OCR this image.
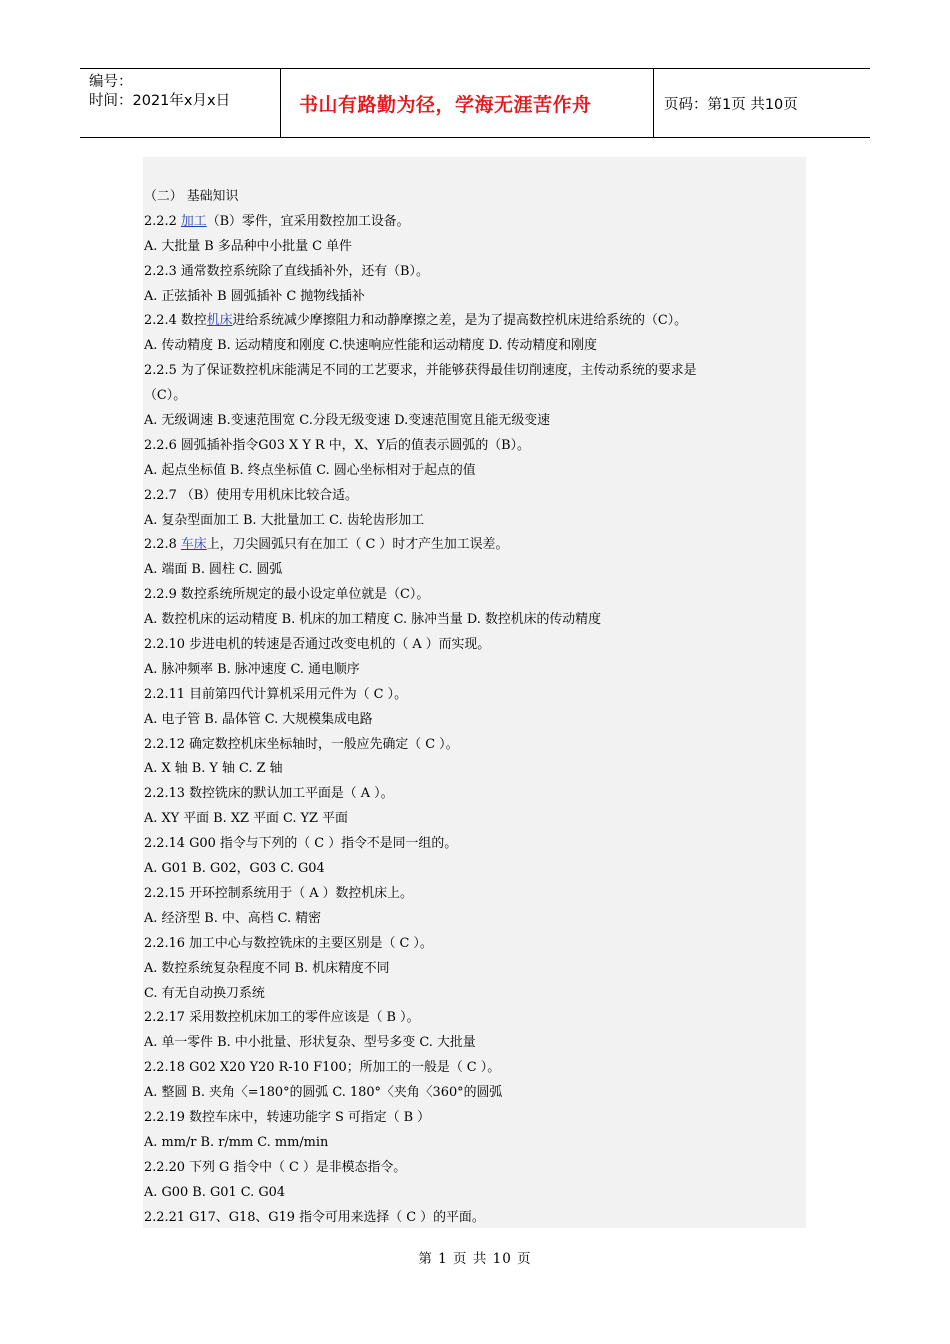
编号：
时间：2021年x月x日	书山有路勤为径，学海无涯苦作舟	页码：第1页 共10页
（二） 基础知识
2.2.2 加工（B）零件，宜采用数控加工设备。
A. 大批量 B 多品种中小批量 C 单件
2.2.3 通常数控系统除了直线插补外，还有（B）。
A. 正弦插补 B 圆弧插补 C 抛物线插补
2.2.4 数控机床进给系统减少摩擦阻力和动静摩擦之差，是为了提高数控机床进给系统的（C）。
A. 传动精度 B. 运动精度和刚度 C.快速响应性能和运动精度 D. 传动精度和刚度
2.2.5 为了保证数控机床能满足不同的工艺要求，并能够获得最佳切削速度，主传动系统的要求是
（C）。
A. 无级调速 B.变速范围宽 C.分段无级变速 D.变速范围宽且能无级变速
2.2.6 圆弧插补指令G03 X Y R 中，X、Y后的值表示圆弧的（B）。
A. 起点坐标值 B. 终点坐标值 C. 圆心坐标相对于起点的值
2.2.7 （B）使用专用机床比较合适。
A. 复杂型面加工 B. 大批量加工 C. 齿轮齿形加工
2.2.8 车床上，刀尖圆弧只有在加工（ C ）时才产生加工误差。
A. 端面 B. 圆柱 C. 圆弧
2.2.9 数控系统所规定的最小设定单位就是（C）。
A. 数控机床的运动精度 B. 机床的加工精度 C. 脉冲当量 D. 数控机床的传动精度
2.2.10 步进电机的转速是否通过改变电机的（ A ）而实现。
A. 脉冲频率 B. 脉冲速度 C. 通电顺序
2.2.11 目前第四代计算机采用元件为（ C ）。
A. 电子管 B. 晶体管 C. 大规模集成电路
2.2.12 确定数控机床坐标轴时，一般应先确定（ C ）。
A. X 轴 B. Y 轴 C. Z 轴
2.2.13 数控铣床的默认加工平面是（ A ）。
A. XY 平面 B. XZ 平面 C. YZ 平面
2.2.14 G00 指令与下列的（ C ）指令不是同一组的。
A. G01 B. G02，G03 C. G04
2.2.15 开环控制系统用于（ A ）数控机床上。
A. 经济型 B. 中、高档 C. 精密
2.2.16 加工中心与数控铣床的主要区别是（ C ）。
A. 数控系统复杂程度不同 B. 机床精度不同
C. 有无自动换刀系统
2.2.17 采用数控机床加工的零件应该是（ B ）。
A. 单一零件 B. 中小批量、形状复杂、型号多变 C. 大批量
2.2.18 G02 X20 Y20 R-10 F100；所加工的一般是（ C ）。
A. 整圆 B. 夹角〈=180°的圆弧 C. 180°〈夹角〈360°的圆弧
2.2.19 数控车床中，转速功能字 S 可指定（ B ）
A. mm/r B. r/mm C. mm/min
2.2.20 下列 G 指令中（ C ）是非模态指令。
A. G00 B. G01 C. G04
2.2.21 G17、G18、G19 指令可用来选择（ C ）的平面。
第 1 页 共 10 页
